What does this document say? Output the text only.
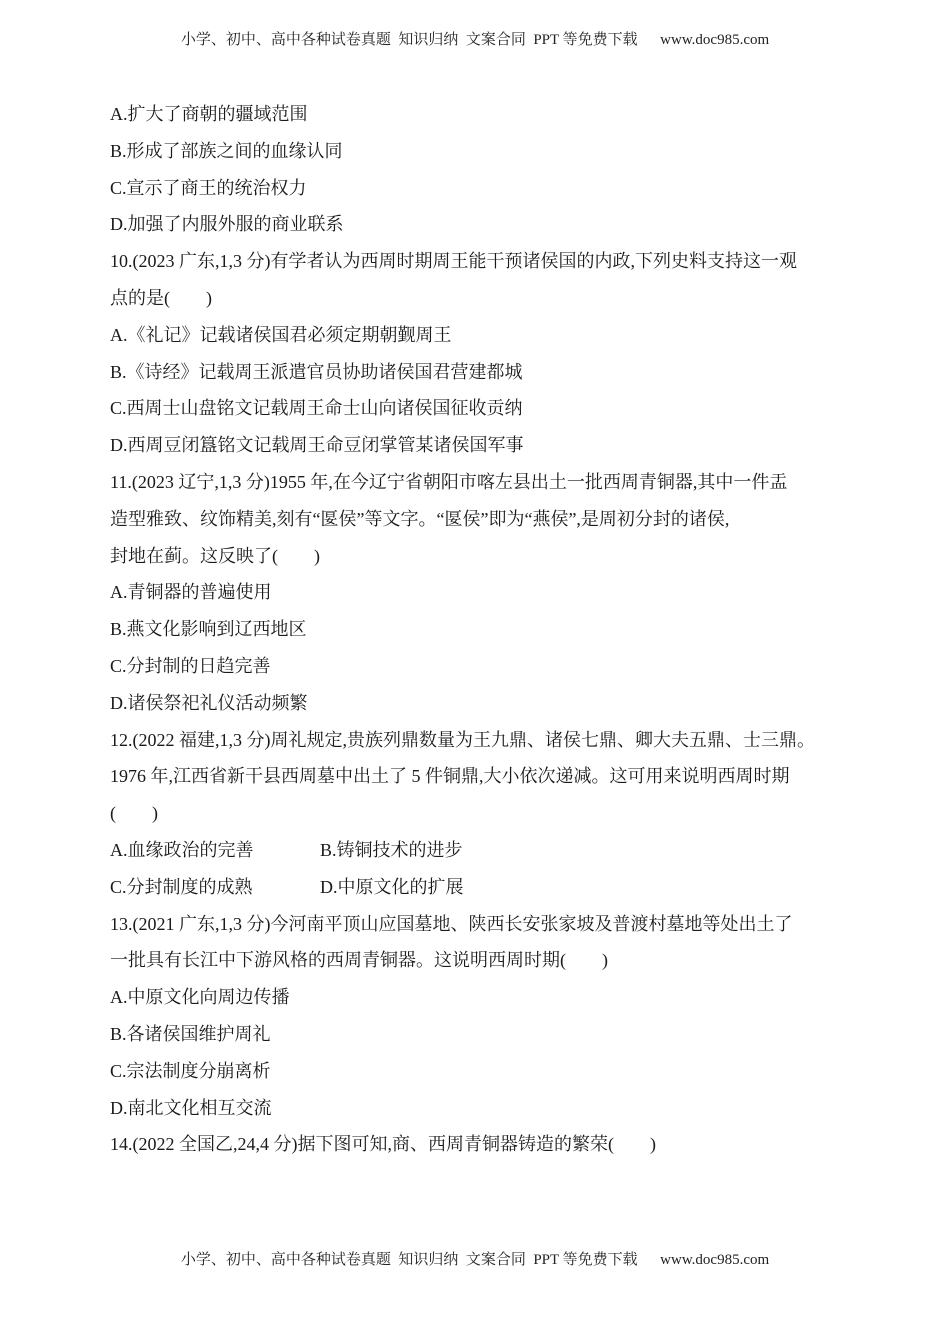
小学、初中、高中各种试卷真题  知识归纳  文案合同  PPT 等免费下载      www.doc985.com
A.扩大了商朝的疆域范围
B.形成了部族之间的血缘认同
C.宣示了商王的统治权力
D.加强了内服外服的商业联系
10.(2023 广东,1,3 分)有学者认为西周时期周王能干预诸侯国的内政,下列史料支持这一观
点的是(        )
A.《礼记》记载诸侯国君必须定期朝觐周王
B.《诗经》记载周王派遣官员协助诸侯国君营建都城
C.西周士山盘铭文记载周王命士山向诸侯国征收贡纳
D.西周豆闭簋铭文记载周王命豆闭掌管某诸侯国军事
11.(2023 辽宁,1,3 分)1955 年,在今辽宁省朝阳市喀左县出土一批西周青铜器,其中一件盂
造型雅致、纹饰精美,刻有“匽侯”等文字。“匽侯”即为“燕侯”,是周初分封的诸侯,
封地在蓟。这反映了(        )
A.青铜器的普遍使用
B.燕文化影响到辽西地区
C.分封制的日趋完善
D.诸侯祭祀礼仪活动频繁
12.(2022 福建,1,3 分)周礼规定,贵族列鼎数量为王九鼎、诸侯七鼎、卿大夫五鼎、士三鼎。
1976 年,江西省新干县西周墓中出土了 5 件铜鼎,大小依次递减。这可用来说明西周时期
(        )
A.血缘政治的完善	B.铸铜技术的进步
C.分封制度的成熟	D.中原文化的扩展
13.(2021 广东,1,3 分)今河南平顶山应国墓地、陕西长安张家坡及普渡村墓地等处出土了
一批具有长江中下游风格的西周青铜器。这说明西周时期(        )
A.中原文化向周边传播
B.各诸侯国维护周礼
C.宗法制度分崩离析
D.南北文化相互交流
14.(2022 全国乙,24,4 分)据下图可知,商、西周青铜器铸造的繁荣(        )
小学、初中、高中各种试卷真题  知识归纳  文案合同  PPT 等免费下载      www.doc985.com
